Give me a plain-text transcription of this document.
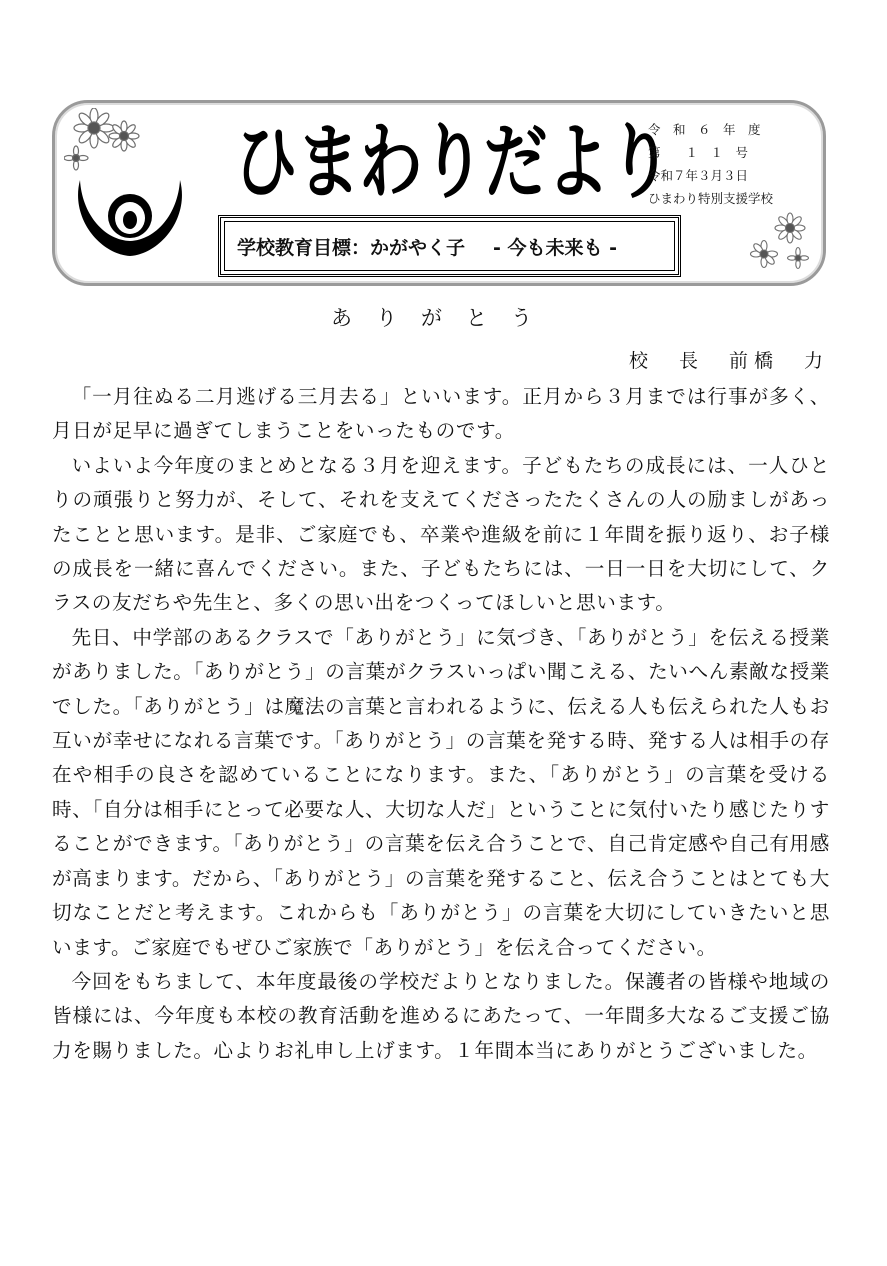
ひまわりだより
学校教育目標：かがやく子 - 今も未来も -
令　和　６　年　度
第　　１　１　号
令和７年３月３日
ひまわり特別支援学校
ありがとう
校　長　前橋　力

「一月往ぬる二月逃げる三月去る」といいます。正月から３月までは行事が多く、月日が足早に過ぎてしまうことをいったものです。

いよいよ今年度のまとめとなる３月を迎えます。子どもたちの成長には、一人ひとりの頑張りと努力が、そして、それを支えてくださったたくさんの人の励ましがあったことと思います。是非、ご家庭でも、卒業や進級を前に１年間を振り返り、お子様の成長を一緒に喜んでください。また、子どもたちには、一日一日を大切にして、クラスの友だちや先生と、多くの思い出をつくってほしいと思います。

先日、中学部のあるクラスで「ありがとう」に気づき、「ありがとう」を伝える授業がありました。「ありがとう」の言葉がクラスいっぱい聞こえる、たいへん素敵な授業でした。「ありがとう」は魔法の言葉と言われるように、伝える人も伝えられた人もお互いが幸せになれる言葉です。「ありがとう」の言葉を発する時、発する人は相手の存在や相手の良さを認めていることになります。また、「ありがとう」の言葉を受ける時、「自分は相手にとって必要な人、大切な人だ」ということに気付いたり感じたりすることができます。「ありがとう」の言葉を伝え合うことで、自己肯定感や自己有用感が高まります。だから、「ありがとう」の言葉を発すること、伝え合うことはとても大切なことだと考えます。これからも「ありがとう」の言葉を大切にしていきたいと思います。ご家庭でもぜひご家族で「ありがとう」を伝え合ってください。

今回をもちまして、本年度最後の学校だよりとなりました。保護者の皆様や地域の皆様には、今年度も本校の教育活動を進めるにあたって、一年間多大なるご支援ご協力を賜りました。心よりお礼申し上げます。１年間本当にありがとうございました。
